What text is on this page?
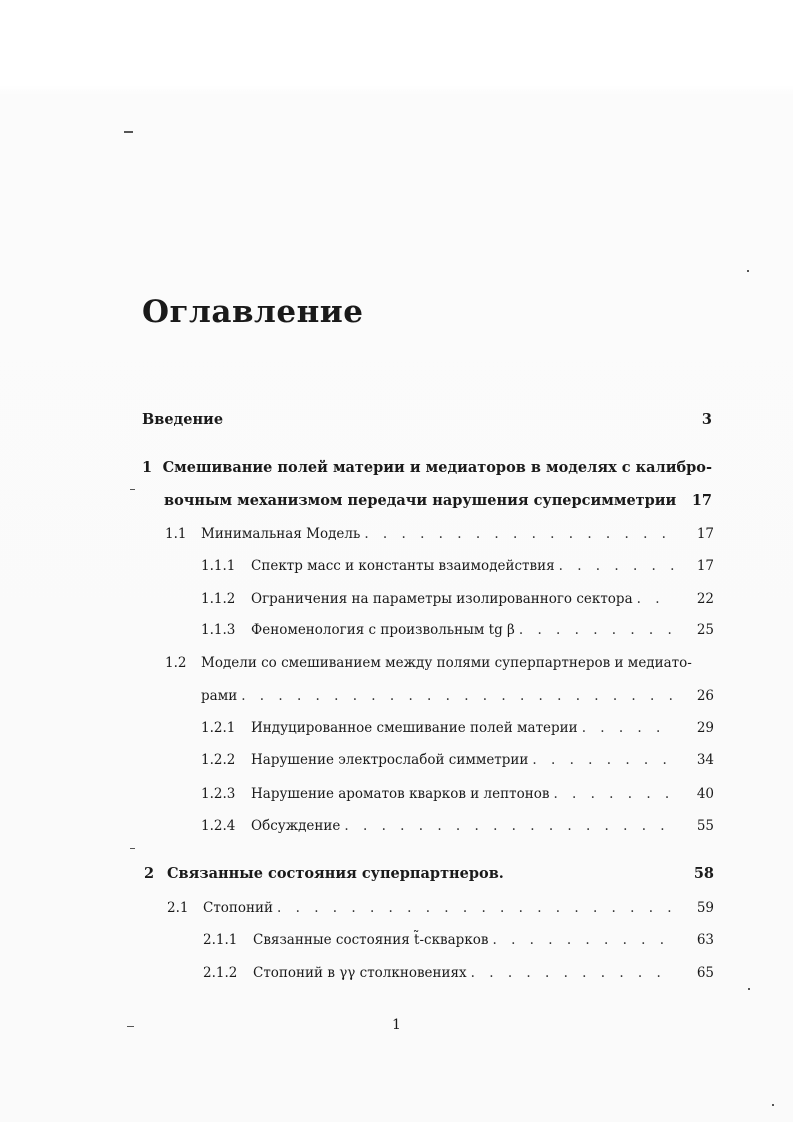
Оглавление
Введение	3
1 Смешивание полей материи и медиаторов в моделях с калибро-
вочным механизмом передачи нарушения суперсимметрии 17
1.1	Минимальная Модель . . .	17
1.1.1	Спектр масс и константы взаимодействия . . .	17
1.1.2	Ограничения на параметры изолированного сектора . . .	22
1.1.3	Феноменология с произвольным tg β . . .	25
1.2	Модели со смешиванием между полями суперпартнеров и медиато-
рами . . .	26
1.2.1	Индуцированное смешивание полей материи . . .	29
1.2.2	Нарушение электрослабой симметрии . . .	34
1.2.3	Нарушение ароматов кварков и лептонов . . .	40
1.2.4	Обсуждение . . .	55
2 Связанные состояния суперпартнеров.	58
2.1	Стопоний . . .	59
2.1.1	Связанные состояния t̃-скварков . . .	63
2.1.2	Стопоний в γγ столкновениях . . .	65
1
